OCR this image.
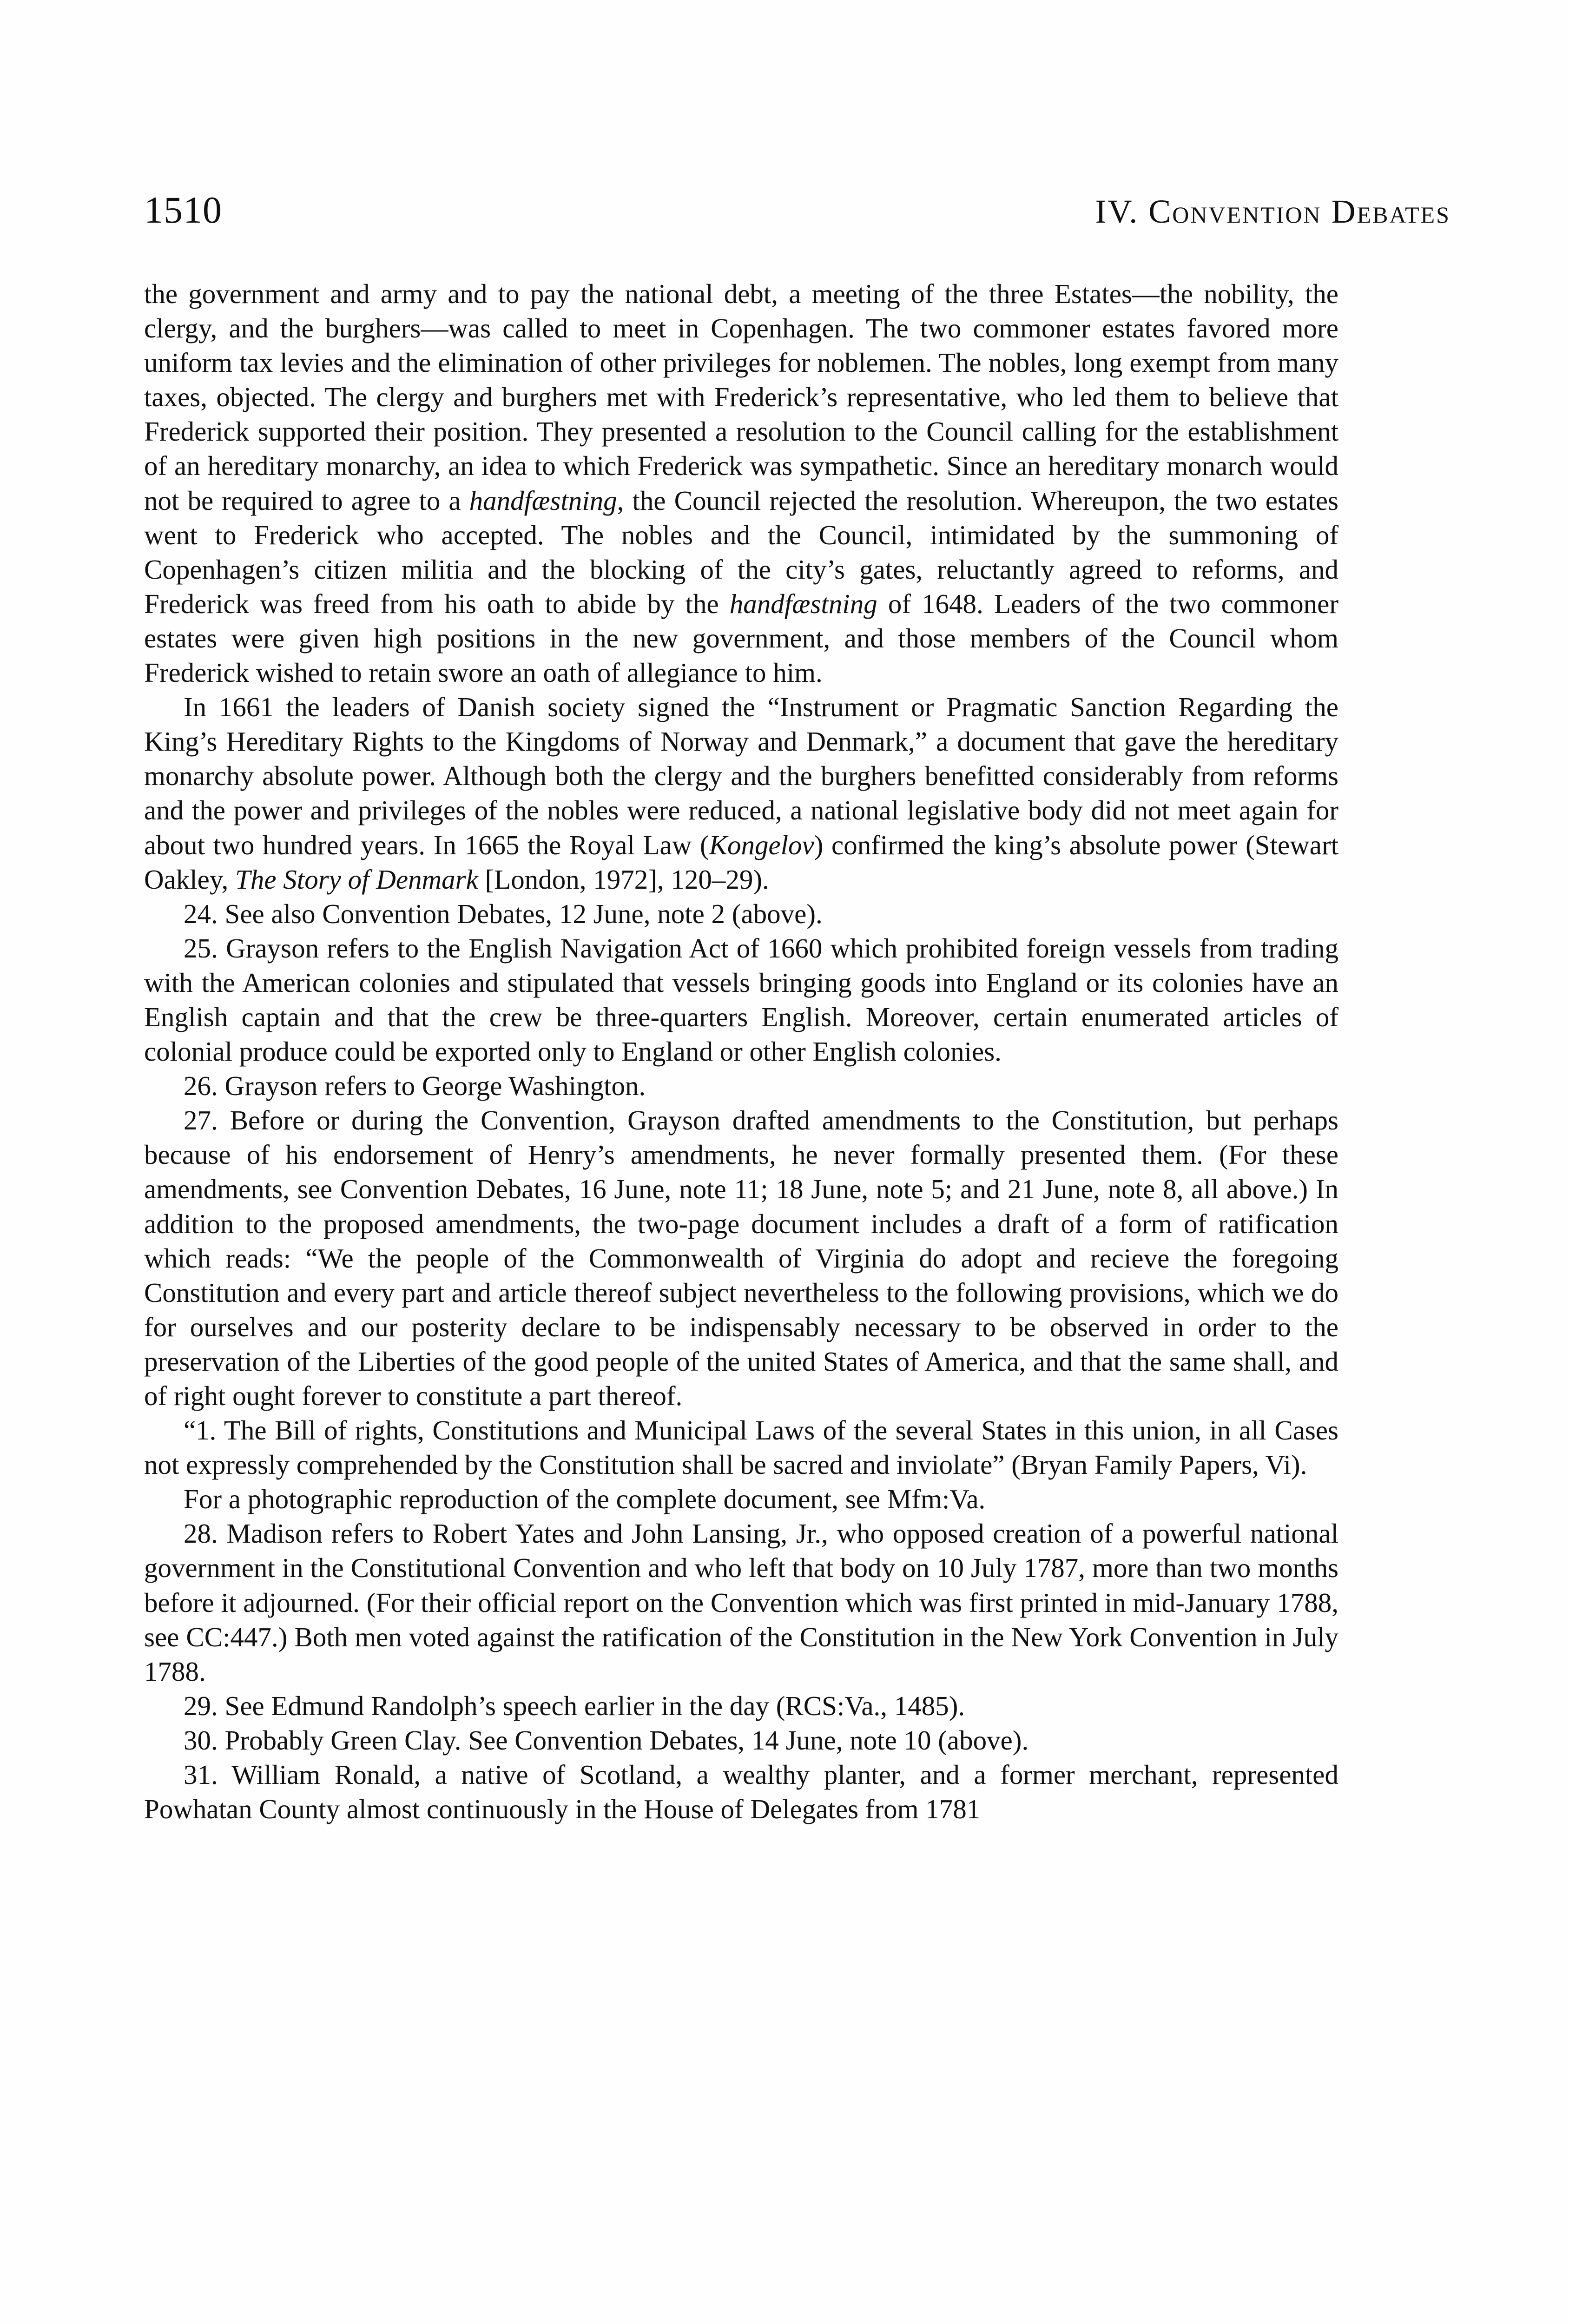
1510	IV. Convention Debates

the government and army and to pay the national debt, a meeting of the three Estates—the nobility, the clergy, and the burghers—was called to meet in Copenhagen. The two commoner estates favored more uniform tax levies and the elimination of other privileges for noblemen. The nobles, long exempt from many taxes, objected. The clergy and burghers met with Frederick’s representative, who led them to believe that Frederick supported their position. They presented a resolution to the Council calling for the establishment of an hereditary monarchy, an idea to which Frederick was sympathetic. Since an hereditary monarch would not be required to agree to a handfæstning, the Council rejected the resolution. Whereupon, the two estates went to Frederick who accepted. The nobles and the Council, intimidated by the summoning of Copenhagen’s citizen militia and the blocking of the city’s gates, reluctantly agreed to reforms, and Frederick was freed from his oath to abide by the handfæstning of 1648. Leaders of the two commoner estates were given high positions in the new government, and those members of the Council whom Frederick wished to retain swore an oath of allegiance to him.

In 1661 the leaders of Danish society signed the “Instrument or Pragmatic Sanction Regarding the King’s Hereditary Rights to the Kingdoms of Norway and Denmark,” a document that gave the hereditary monarchy absolute power. Although both the clergy and the burghers benefitted considerably from reforms and the power and privileges of the nobles were reduced, a national legislative body did not meet again for about two hundred years. In 1665 the Royal Law (Kongelov) confirmed the king’s absolute power (Stewart Oakley, The Story of Denmark [London, 1972], 120–29).

24. See also Convention Debates, 12 June, note 2 (above).

25. Grayson refers to the English Navigation Act of 1660 which prohibited foreign vessels from trading with the American colonies and stipulated that vessels bringing goods into England or its colonies have an English captain and that the crew be three-quarters English. Moreover, certain enumerated articles of colonial produce could be exported only to England or other English colonies.

26. Grayson refers to George Washington.

27. Before or during the Convention, Grayson drafted amendments to the Constitution, but perhaps because of his endorsement of Henry’s amendments, he never formally presented them. (For these amendments, see Convention Debates, 16 June, note 11; 18 June, note 5; and 21 June, note 8, all above.) In addition to the proposed amendments, the two-page document includes a draft of a form of ratification which reads: “We the people of the Commonwealth of Virginia do adopt and recieve the foregoing Constitution and every part and article thereof subject nevertheless to the following provisions, which we do for ourselves and our posterity declare to be indispensably necessary to be observed in order to the preservation of the Liberties of the good people of the united States of America, and that the same shall, and of right ought forever to constitute a part thereof.

“1. The Bill of rights, Constitutions and Municipal Laws of the several States in this union, in all Cases not expressly comprehended by the Constitution shall be sacred and inviolate” (Bryan Family Papers, Vi).

For a photographic reproduction of the complete document, see Mfm:Va.

28. Madison refers to Robert Yates and John Lansing, Jr., who opposed creation of a powerful national government in the Constitutional Convention and who left that body on 10 July 1787, more than two months before it adjourned. (For their official report on the Convention which was first printed in mid-January 1788, see CC:447.) Both men voted against the ratification of the Constitution in the New York Convention in July 1788.

29. See Edmund Randolph’s speech earlier in the day (RCS:Va., 1485).

30. Probably Green Clay. See Convention Debates, 14 June, note 10 (above).

31. William Ronald, a native of Scotland, a wealthy planter, and a former merchant, represented Powhatan County almost continuously in the House of Delegates from 1781
